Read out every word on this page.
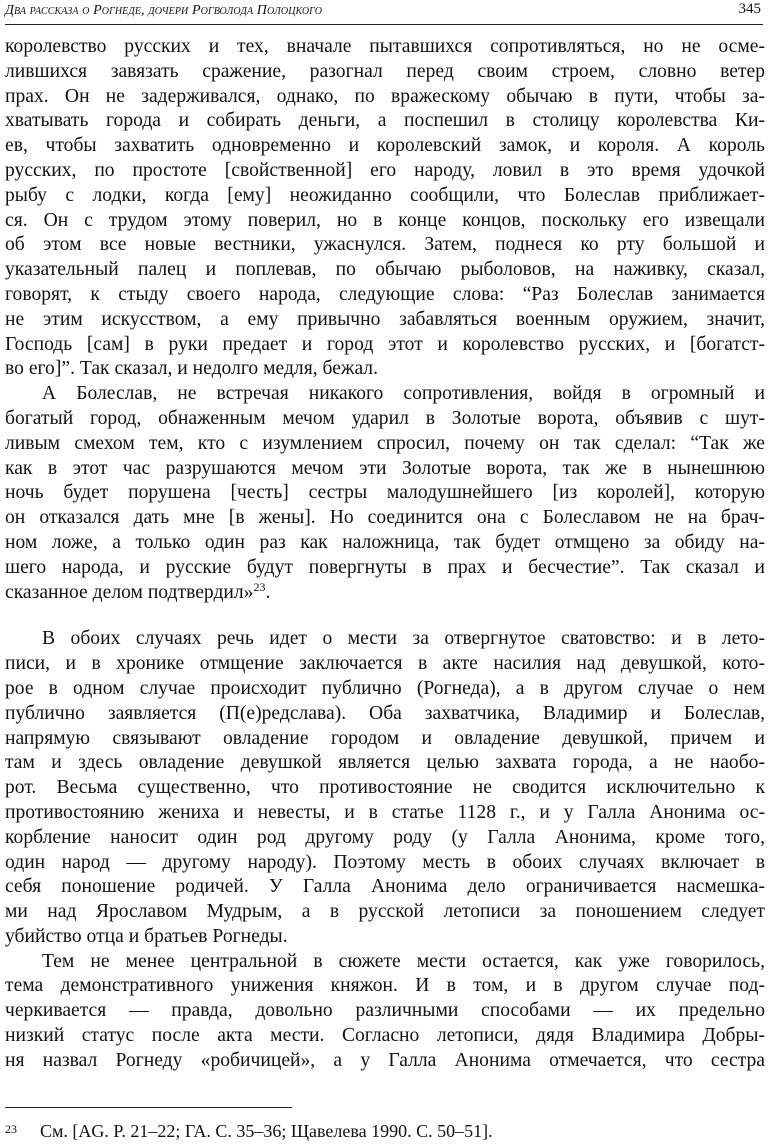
Два рассказа о Рогнеде, дочери Рогволода Полоцкого	345

королевство русских и тех, вначале пытавшихся сопротивляться, но не осме-
лившихся завязать сражение, разогнал перед своим строем, словно ветер
прах. Он не задерживался, однако, по вражескому обычаю в пути, чтобы за-
хватывать города и собирать деньги, а поспешил в столицу королевства Ки-
ев, чтобы захватить одновременно и королевский замок, и короля. А король
русских, по простоте [свойственной] его народу, ловил в это время удочкой
рыбу с лодки, когда [ему] неожиданно сообщили, что Болеслав приближает-
ся. Он с трудом этому поверил, но в конце концов, поскольку его извещали
об этом все новые вестники, ужаснулся. Затем, поднеся ко рту большой и
указательный палец и поплевав, по обычаю рыболовов, на наживку, сказал,
говорят, к стыду своего народа, следующие слова: “Раз Болеслав занимается
не этим искусством, а ему привычно забавляться военным оружием, значит,
Господь [сам] в руки предает и город этот и королевство русских, и [богатст-
во его]”. Так сказал, и недолго медля, бежал.

А Болеслав, не встречая никакого сопротивления, войдя в огромный и
богатый город, обнаженным мечом ударил в Золотые ворота, объявив с шут-
ливым смехом тем, кто с изумлением спросил, почему он так сделал: “Так же
как в этот час разрушаются мечом эти Золотые ворота, так же в нынешнюю
ночь будет порушена [честь] сестры малодушнейшего [из королей], которую
он отказался дать мне [в жены]. Но соединится она с Болеславом не на брач-
ном ложе, а только один раз как наложница, так будет отмщено за обиду на-
шего народа, и русские будут повергнуты в прах и бесчестие”. Так сказал и
сказанное делом подтвердил»$^{23}$.

В обоих случаях речь идет о мести за отвергнутое сватовство: и в лето-
писи, и в хронике отмщение заключается в акте насилия над девушкой, кото-
рое в одном случае происходит публично (Рогнеда), а в другом случае о нем
публично заявляется (П(е)редслава). Оба захватчика, Владимир и Болеслав,
напрямую связывают овладение городом и овладение девушкой, причем и
там и здесь овладение девушкой является целью захвата города, а не наобо-
рот. Весьма существенно, что противостояние не сводится исключительно к
противостоянию жениха и невесты, и в статье 1128 г., и у Галла Анонима ос-
корбление наносит один род другому роду (у Галла Анонима, кроме того,
один народ — другому народу). Поэтому месть в обоих случаях включает в
себя поношение родичей. У Галла Анонима дело ограничивается насмешка-
ми над Ярославом Мудрым, а в русской летописи за поношением следует
убийство отца и братьев Рогнеды.

Тем не менее центральной в сюжете мести остается, как уже говорилось,
тема демонстративного унижения княжон. И в том, и в другом случае под-
черкивается — правда, довольно различными способами — их предельно
низкий статус после акта мести. Согласно летописи, дядя Владимира Добры-
ня назвал Рогнеду «робичицей», а у Галла Анонима отмечается, что сестра

23 См. [AG. P. 21–22; ГА. С. 35–36; Щавелева 1990. С. 50–51].
